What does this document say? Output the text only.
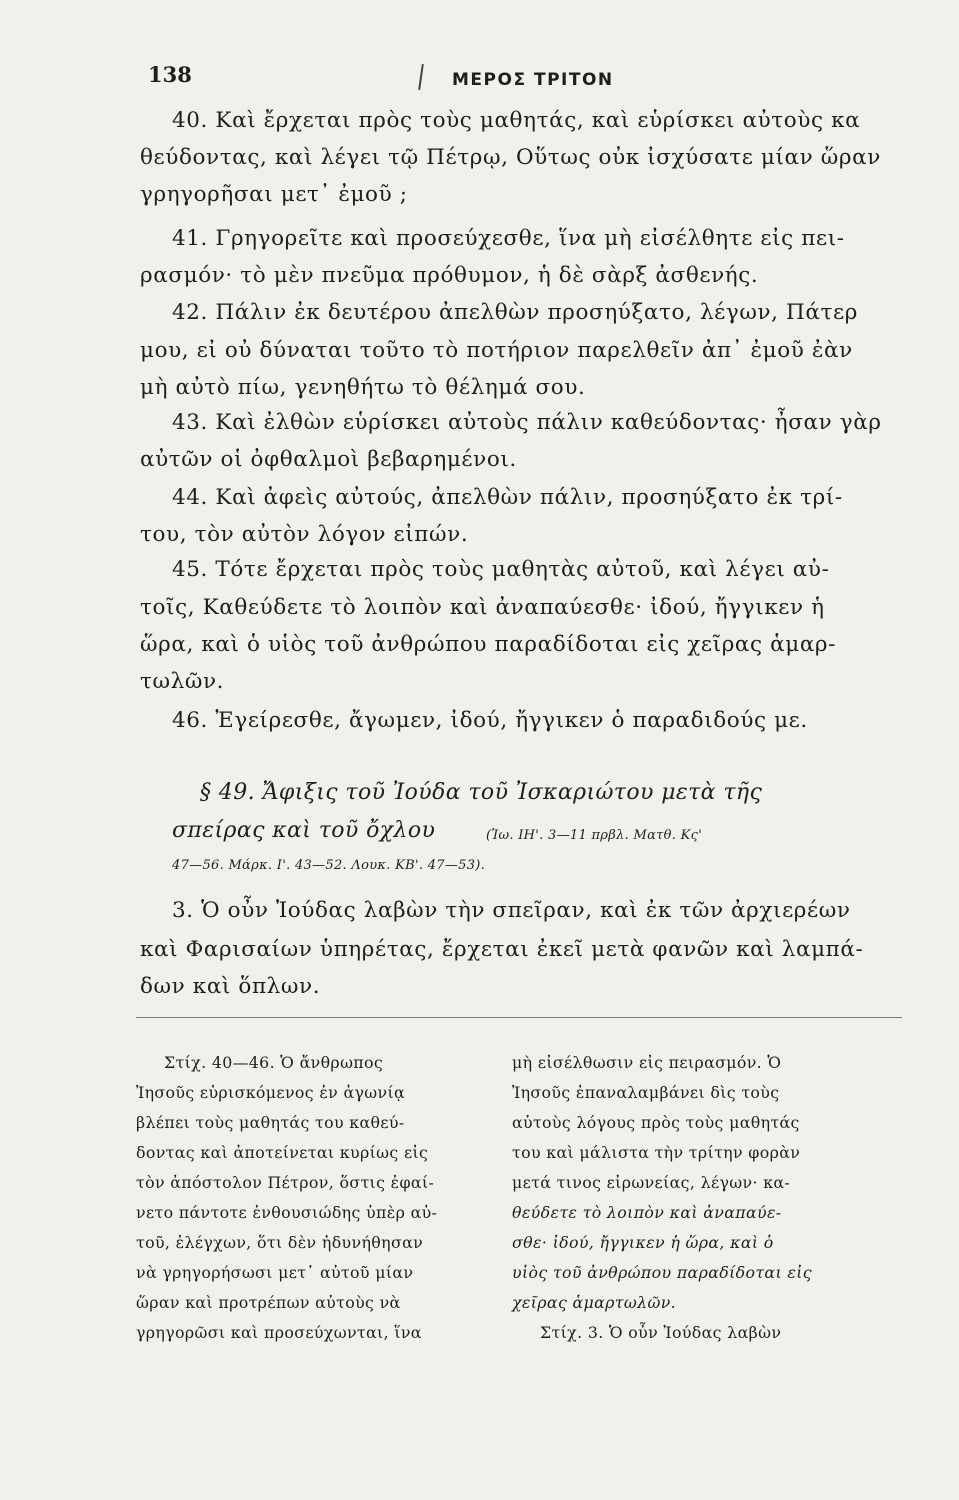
138	ΜΕΡΟΣ ΤΡΙΤΟΝ
40. Καὶ ἔρχεται πρὸς τοὺς μαθητάς, καὶ εὑρίσκει αὐτοὺς κα
θεύδοντας, καὶ λέγει τῷ Πέτρῳ, Οὕτως οὐκ ἰσχύσατε μίαν ὥραν
γρηγορῆσαι μετ᾽ ἐμοῦ ;
41. Γρηγορεῖτε καὶ προσεύχεσθε, ἵνα μὴ εἰσέλθητε εἰς πει-
ρασμόν· τὸ μὲν πνεῦμα πρόθυμον, ἡ δὲ σὰρξ ἀσθενής.
42. Πάλιν ἐκ δευτέρου ἀπελθὼν προσηύξατο, λέγων, Πάτερ
μου, εἰ οὐ δύναται τοῦτο τὸ ποτήριον παρελθεῖν ἀπ᾽ ἐμοῦ ἐὰν
μὴ αὐτὸ πίω, γενηθήτω τὸ θέλημά σου.
43. Καὶ ἐλθὼν εὑρίσκει αὐτοὺς πάλιν καθεύδοντας· ἦσαν γὰρ
αὐτῶν οἱ ὀφθαλμοὶ βεβαρημένοι.
44. Καὶ ἀφεὶς αὐτούς, ἀπελθὼν πάλιν, προσηύξατο ἐκ τρί-
του, τὸν αὐτὸν λόγον εἰπών.
45. Τότε ἔρχεται πρὸς τοὺς μαθητὰς αὐτοῦ, καὶ λέγει αὐ-
τοῖς, Καθεύδετε τὸ λοιπὸν καὶ ἀναπαύεσθε· ἰδού, ἤγγικεν ἡ
ὥρα, καὶ ὁ υἱὸς τοῦ ἀνθρώπου παραδίδοται εἰς χεῖρας ἁμαρ-
τωλῶν.
46. Ἐγείρεσθε, ἄγωμεν, ἰδού, ἤγγικεν ὁ παραδιδούς με.
§ 49. Ἄφιξις τοῦ Ἰούδα τοῦ Ἰσκαριώτου μετὰ τῆς
σπείρας καὶ τοῦ ὄχλου	(Ἰω. ΙΗ'. 3—11 πρβλ. Ματθ. Κς'
47—56. Μάρκ. Ι'. 43—52. Λουκ. ΚΒ'. 47—53).
3. Ὁ οὖν Ἰούδας λαβὼν τὴν σπεῖραν, καὶ ἐκ τῶν ἀρχιερέων
καὶ Φαρισαίων ὑπηρέτας, ἔρχεται ἐκεῖ μετὰ φανῶν καὶ λαμπά-
δων καὶ ὅπλων.
Στίχ. 40—46. Ὁ ἄνθρωπος
Ἰησοῦς εὑρισκόμενος ἐν ἀγωνίᾳ
βλέπει τοὺς μαθητάς του καθεύ-
δοντας καὶ ἀποτείνεται κυρίως εἰς
τὸν ἀπόστολον Πέτρον, ὅστις ἐφαί-
νετο πάντοτε ἐνθουσιώδης ὑπὲρ αὐ-
τοῦ, ἐλέγχων, ὅτι δὲν ἠδυνήθησαν
νὰ γρηγορήσωσι μετ᾽ αὐτοῦ μίαν
ὥραν καὶ προτρέπων αὐτοὺς νὰ
γρηγορῶσι καὶ προσεύχωνται, ἵνα
μὴ εἰσέλθωσιν εἰς πειρασμόν. Ὁ
Ἰησοῦς ἐπαναλαμβάνει δὶς τοὺς
αὐτοὺς λόγους πρὸς τοὺς μαθητάς
του καὶ μάλιστα τὴν τρίτην φορὰν
μετά τινος εἰρωνείας, λέγων· κα-
θεύδετε τὸ λοιπὸν καὶ ἀναπαύε-
σθε· ἰδού, ἤγγικεν ἡ ὥρα, καὶ ὁ
υἱὸς τοῦ ἀνθρώπου παραδίδοται εἰς
χεῖρας ἁμαρτωλῶν.
Στίχ. 3. Ὁ οὖν Ἰούδας λαβὼν
